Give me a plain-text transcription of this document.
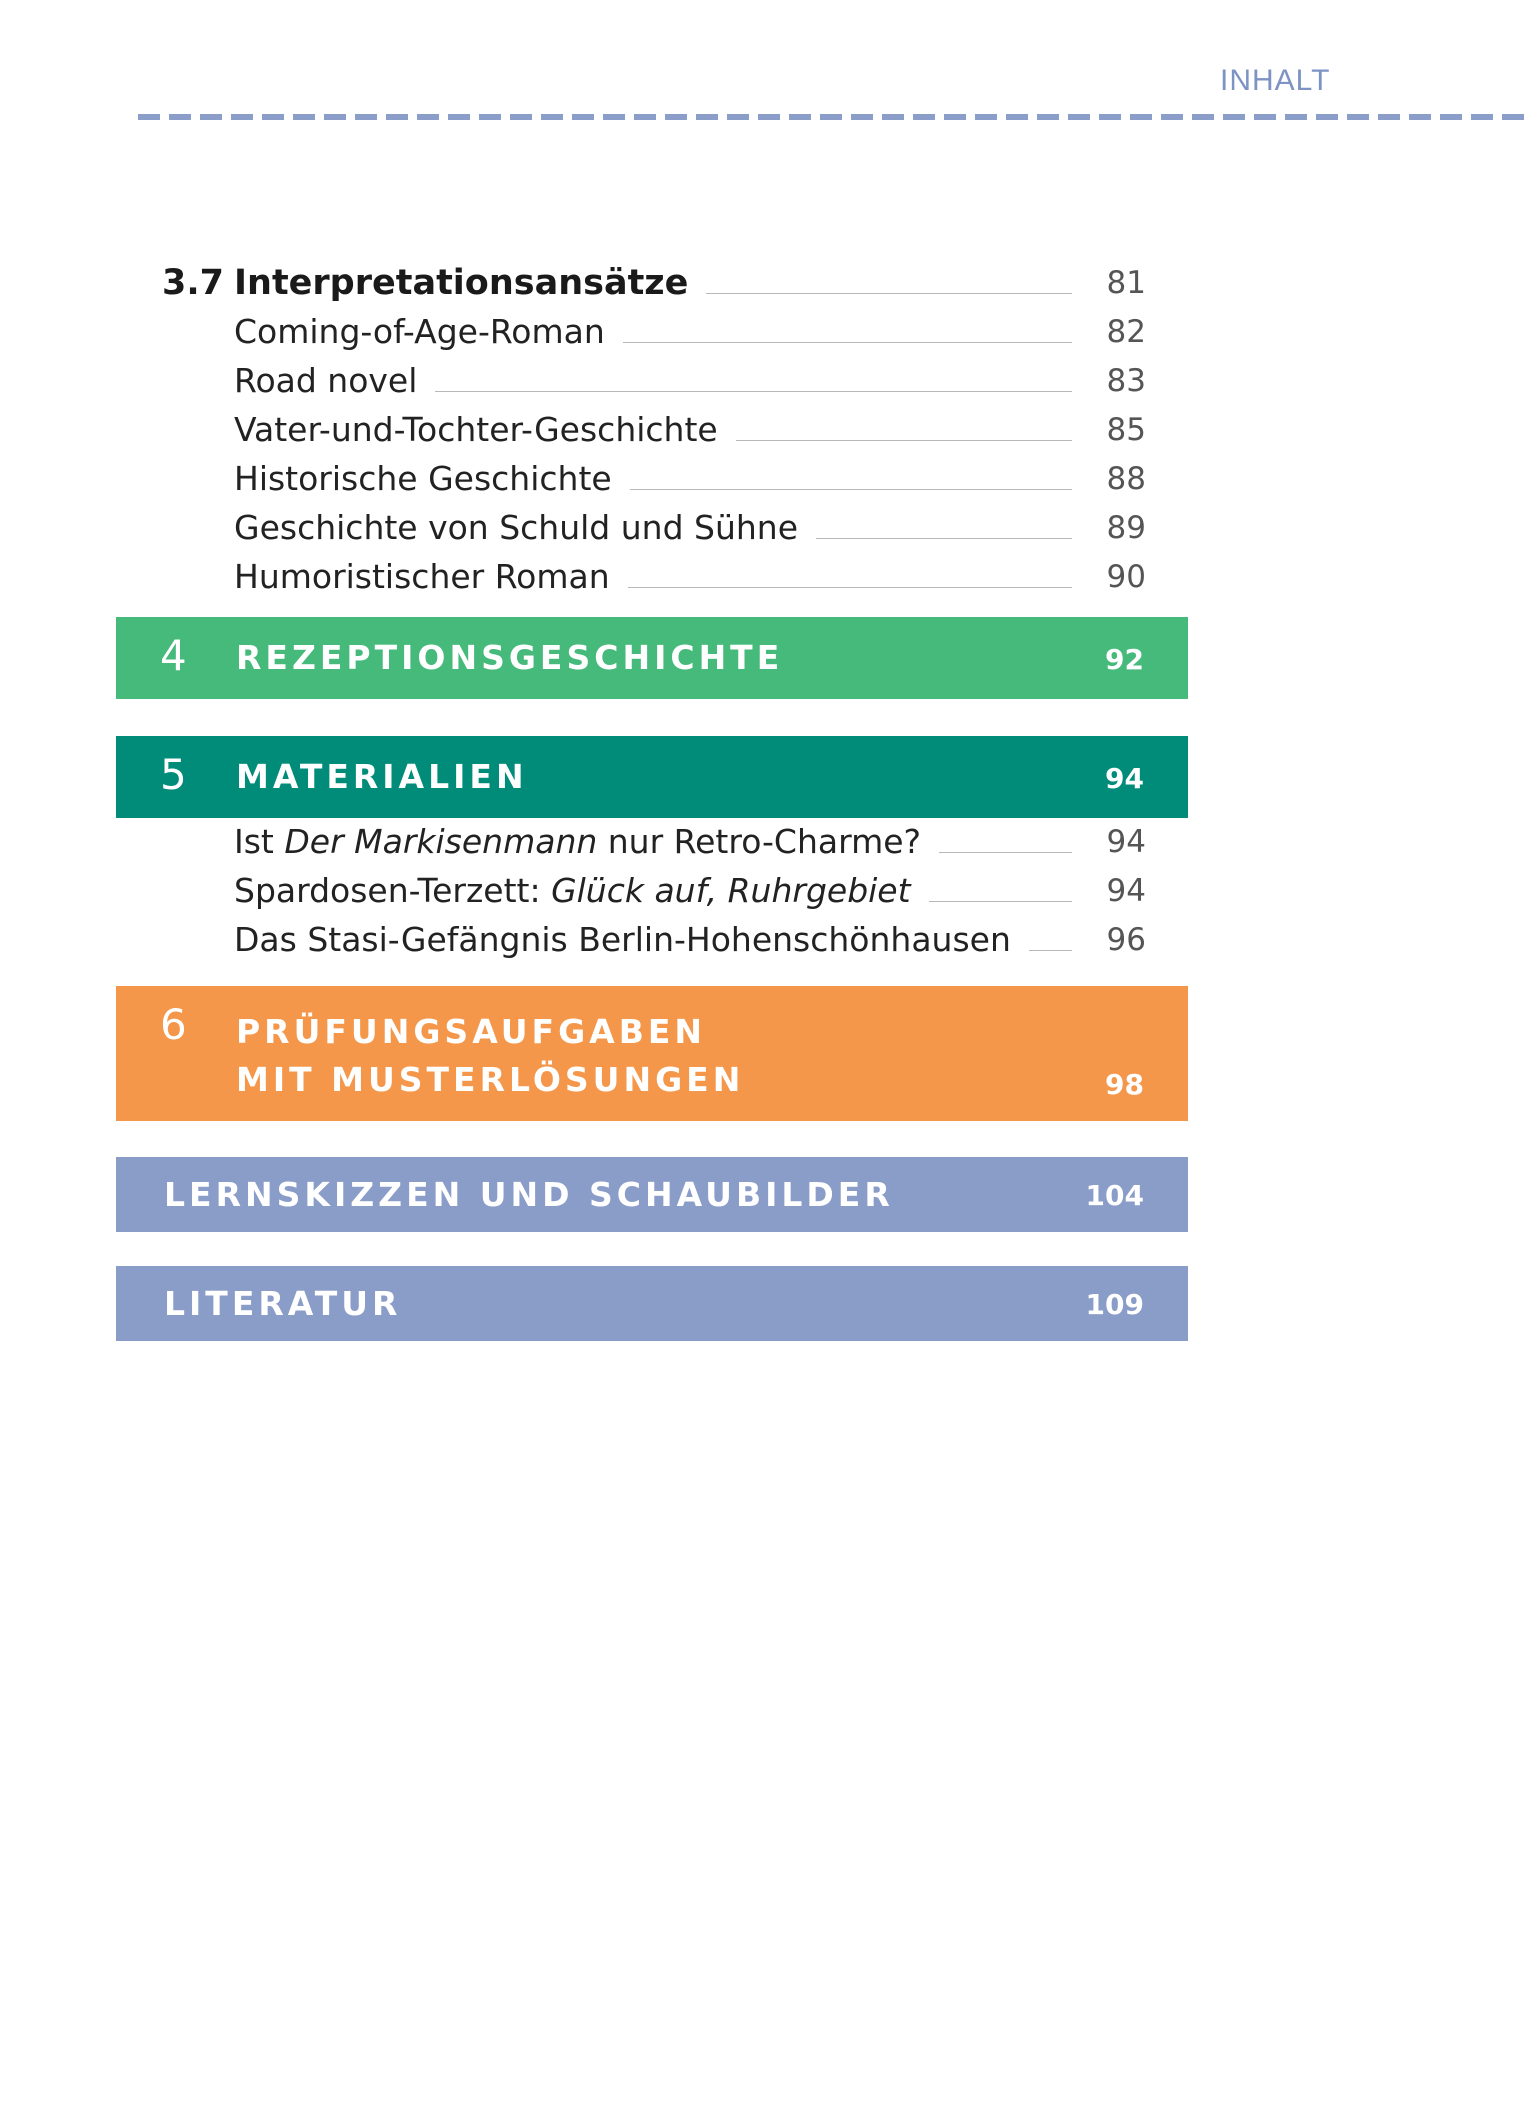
INHALT
3.7 Interpretationsansätze	81
Coming-of-Age-Roman	82
Road novel	83
Vater-und-Tochter-Geschichte	85
Historische Geschichte	88
Geschichte von Schuld und Sühne	89
Humoristischer Roman	90
4 REZEPTIONSGESCHICHTE	92
5 MATERIALIEN	94
Ist Der Markisenmann nur Retro-Charme?	94
Spardosen-Terzett: Glück auf, Ruhrgebiet	94
Das Stasi-Gefängnis Berlin-Hohenschönhausen	96
6 PRÜFUNGSAUFGABEN
MIT MUSTERLÖSUNGEN	98
LERNSKIZZEN UND SCHAUBILDER	104
LITERATUR	109
